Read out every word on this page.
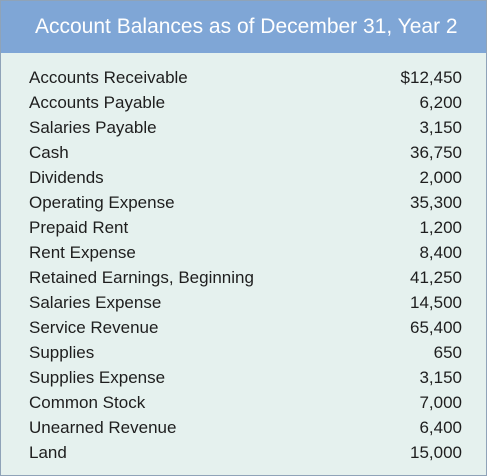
Account Balances as of December 31, Year 2
Accounts Receivable	$12,450
Accounts Payable	6,200
Salaries Payable	3,150
Cash	36,750
Dividends	2,000
Operating Expense	35,300
Prepaid Rent	1,200
Rent Expense	8,400
Retained Earnings, Beginning	41,250
Salaries Expense	14,500
Service Revenue	65,400
Supplies	650
Supplies Expense	3,150
Common Stock	7,000
Unearned Revenue	6,400
Land	15,000
